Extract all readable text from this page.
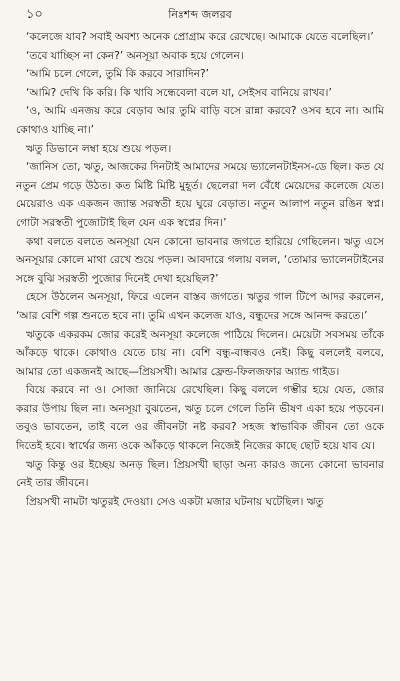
১০	নিঃশব্দ জলরব

‘কলেজে যাব? সবাই অবশ্য অনেক প্রোগ্রাম করে রেখেছে। আমাকে যেতে বলেছিল।’

‘তবে যাচ্ছিস না কেন?’ অনসূয়া অবাক হয়ে গেলেন।

‘আমি চলে গেলে, তুমি কি করবে সারাদিন?’

‘আমি? দেখি কি করি। কি খাবি সন্ধেবেলা বলে যা, সেইসব বানিয়ে রাখব।’

‘ও, আমি এনজয় করে বেড়াব আর তুমি বাড়ি বসে রান্না করবে? ওসব হবে না। আমি কোথাও যাচ্ছি না।’

ঋতু ডিভানে লম্বা হয়ে শুয়ে পড়ল।

‘জানিস তো, ঋতু, আজকের দিনটাই আমাদের সময়ে ভ্যালেনটাইনস-ডে ছিল। কত যে নতুন প্রেম গড়ে উঠত। কত মিষ্টি মিষ্টি মুহূর্ত। ছেলেরা দল বেঁধে মেয়েদের কলেজে যেত। মেয়েরাও এক একজন জ্যান্ত সরস্বতী হয়ে ঘুরে বেড়াত। নতুন আলাপ নতুন রঙিন স্বপ্ন। গোটা সরস্বতী পুজোটাই ছিল যেন এক স্বপ্নের দিন।’

কথা বলতে বলতে অনসূয়া যেন কোনো ভাবনার জগতে হারিয়ে গেছিলেন। ঋতু এসে অনসূয়ার কোলে মাথা রেখে শুয়ে পড়ল। আবদারে গলায় বলল, ‘তোমার ভ্যালেনটাইনের সঙ্গে বুঝি সরস্বতী পুজোর দিনেই দেখা হয়েছিল?’

হেসে উঠলেন অনসূয়া, ফিরে এলেন বাস্তব জগতে। ঋতুর গাল টিপে আদর করলেন, ‘আর বেশি গল্প শুনতে হবে না। তুমি এখন কলেজ যাও, বন্ধুদের সঙ্গে আনন্দ করতে।’

ঋতুকে একরকম জোর করেই অনসূয়া কলেজে পাঠিয়ে দিলেন। মেয়েটা সবসময় তাঁকে আঁকড়ে থাকে। কোথাও যেতে চায় না। বেশি বন্ধু-বান্ধবও নেই। কিছু বললেই বলবে, আমার তো একজনই আছে—প্রিয়সখী। আমার ফ্রেন্ড-ফিলজফার অ্যান্ড গাইড।

বিয়ে করবে না ও। সোজা জানিয়ে রেখেছিল। কিছু বললে গম্ভীর হয়ে যেত, জোর করার উপায় ছিল না। অনসূয়া বুঝতেন, ঋতু চলে গেলে তিনি ভীষণ একা হয়ে পড়বেন। তবুও ভাবতেন, তাই বলে ওর জীবনটা নষ্ট করব? সহজ স্বাভাবিক জীবন তো ওকে দিতেই হবে। স্বার্থের জন্য ওকে আঁকড়ে থাকলে নিজেই নিজের কাছে ছোট হয়ে যাব যে।

ঋতু কিন্তু ওর ইচ্ছেয় অনড় ছিল। প্রিয়সখী ছাড়া অন্য কারও জন্যে কোনো ভাবনার নেই তার জীবনে।

প্রিয়সখী নামটা ঋতুরই দেওয়া। সেও একটা মজার ঘটনায় ঘটেছিল। ঋতু
